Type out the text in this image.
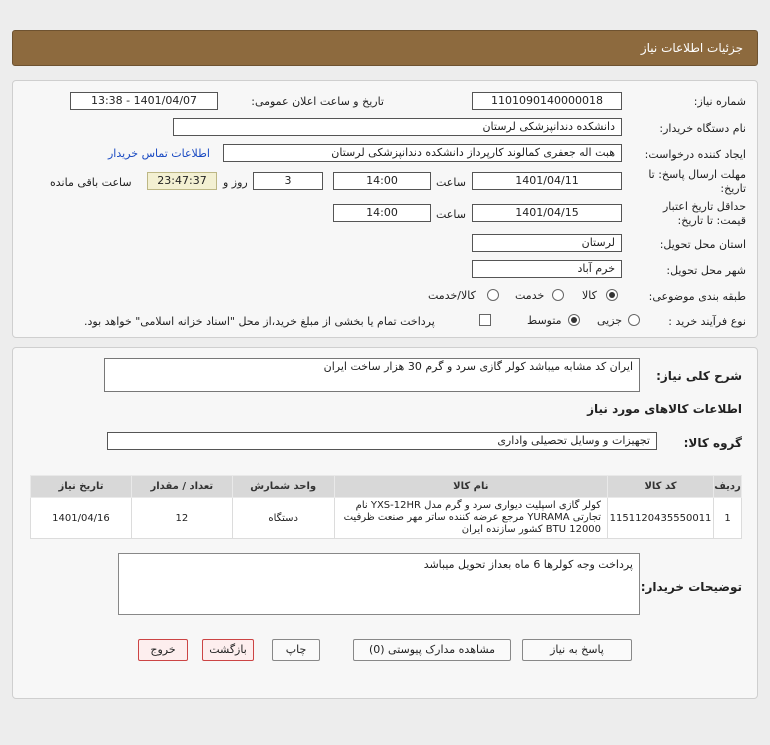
جزئیات اطلاعات نیاز
شماره نیاز:
1101090140000018
تاریخ و ساعت اعلان عمومی:
1401/04/07 - 13:38
نام دستگاه خریدار:
دانشکده دندانپزشکی لرستان
ایجاد کننده درخواست:
هبت اله جعفری کمالوند کارپرداز دانشکده دندانپزشکی لرستان
اطلاعات تماس خریدار
مهلت ارسال پاسخ: تا
تاریخ:
1401/04/11
ساعت
14:00
3
روز و
23:47:37
ساعت باقی مانده
حداقل تاریخ اعتبار
قیمت: تا تاریخ:
1401/04/15
ساعت
14:00
استان محل تحویل:
لرستان
شهر محل تحویل:
خرم آباد
طبقه بندی موضوعی:
کالا
خدمت
کالا/خدمت
نوع فرآیند خرید :
جزیی
متوسط
پرداخت تمام یا بخشی از مبلغ خرید،از محل "اسناد خزانه اسلامی" خواهد بود.
شرح کلی نیاز:
ایران کد مشابه میباشد کولر گازی سرد و گرم 30 هزار ساخت ایران
اطلاعات کالاهای مورد نیاز
گروه کالا:
تجهیزات و وسایل تحصیلی واداری
ردیف	کد کالا	نام کالا	واحد شمارش	تعداد / مقدار	تاریخ نیاز
1	1151120435550011	کولر گازی اسپلیت دیواری سرد و گرم مدل YXS-12HR نام تجارتی YURAMA مرجع عرضه کننده ساتر مهر صنعت ظرفیت 12000 BTU کشور سازنده ایران	دستگاه	12	1401/04/16
توضیحات خریدار:
پرداخت وجه کولرها 6 ماه بعداز تحویل میباشد
پاسخ به نیاز
مشاهده مدارک پیوستی (0)
چاپ
بازگشت
خروج
